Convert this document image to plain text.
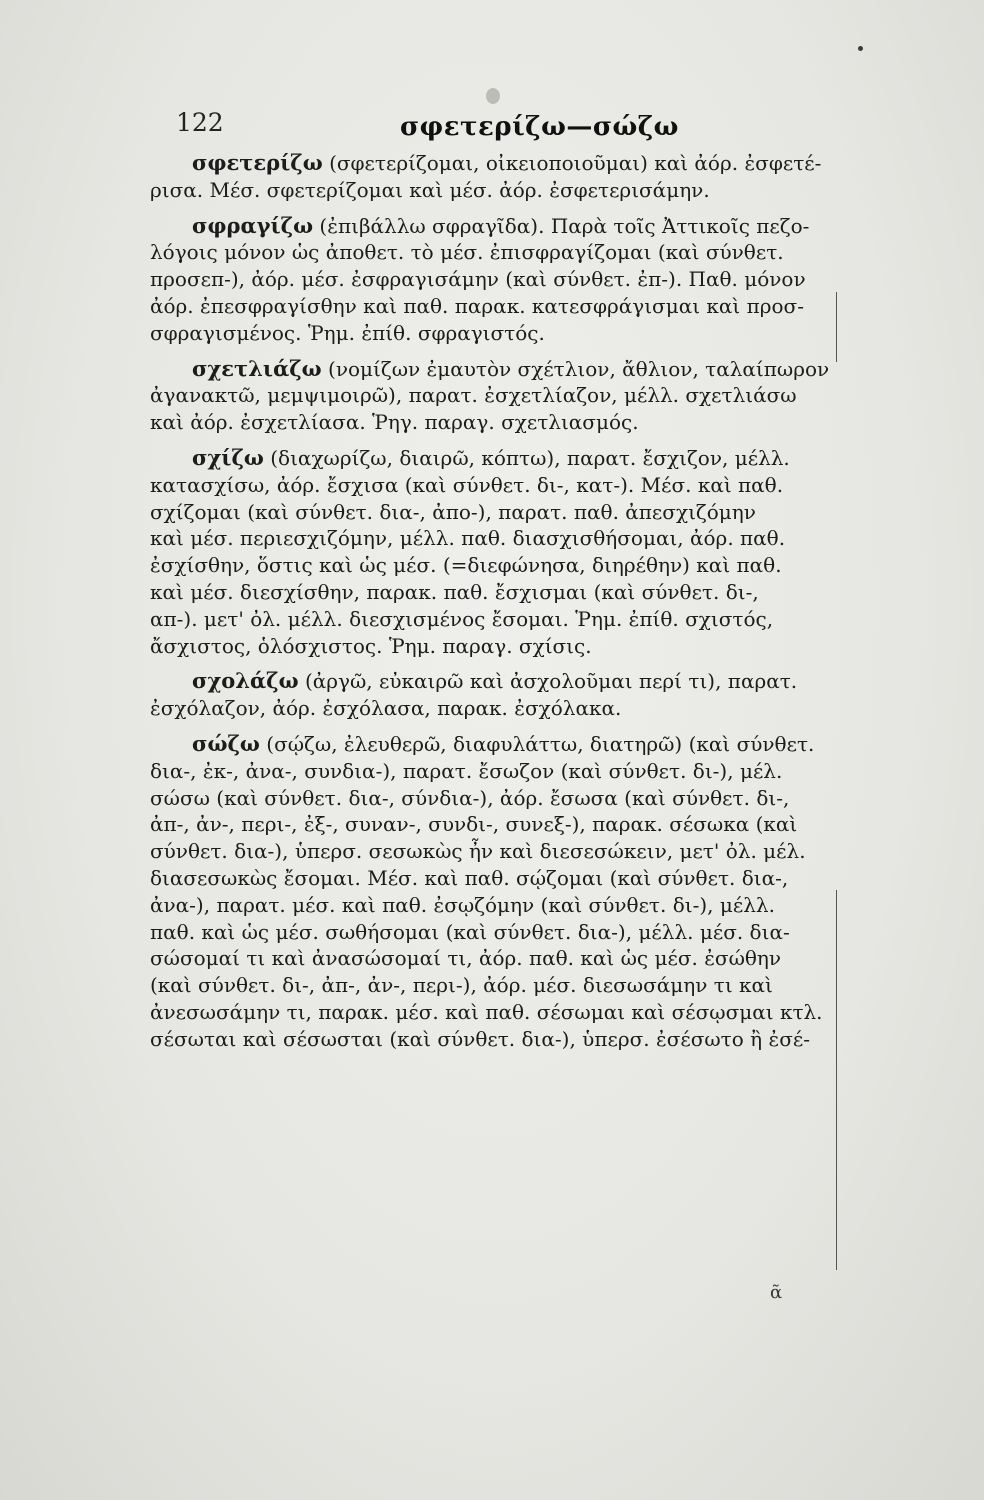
122	σφετερίζω—σώζω
σφετερίζω (σφετερίζομαι, οἰκειοποιοῦμαι) καὶ ἀόρ. ἐσφετέ-
ρισα. Μέσ. σφετερίζομαι καὶ μέσ. ἀόρ. ἐσφετερισάμην.
σφραγίζω (ἐπιβάλλω σφραγῖδα). Παρὰ τοῖς Ἀττικοῖς πεζο-
λόγοις μόνον ὡς ἀποθετ. τὸ μέσ. ἐπισφραγίζομαι (καὶ σύνθετ.
προσεπ-), ἀόρ. μέσ. ἐσφραγισάμην (καὶ σύνθετ. ἐπ-). Παθ. μόνον
ἀόρ. ἐπεσφραγίσθην καὶ παθ. παρακ. κατεσφράγισμαι καὶ προσ-
σφραγισμένος. Ῥημ. ἐπίθ. σφραγιστός.
σχετλιάζω (νομίζων ἐμαυτὸν σχέτλιον, ἄθλιον, ταλαίπωρον
ἀγανακτῶ, μεμψιμοιρῶ), παρατ. ἐσχετλίαζον, μέλλ. σχετλιάσω
καὶ ἀόρ. ἐσχετλίασα. Ῥηγ. παραγ. σχετλιασμός.
σχίζω (διαχωρίζω, διαιρῶ, κόπτω), παρατ. ἔσχιζον, μέλλ.
κατασχίσω, ἀόρ. ἔσχισα (καὶ σύνθετ. δι-, κατ-). Μέσ. καὶ παθ.
σχίζομαι (καὶ σύνθετ. δια-, ἀπο-), παρατ. παθ. ἀπεσχιζόμην
καὶ μέσ. περιεσχιζόμην, μέλλ. παθ. διασχισθήσομαι, ἀόρ. παθ.
ἐσχίσθην, ὅστις καὶ ὡς μέσ. (=διεφώνησα, διηρέθην) καὶ παθ.
καὶ μέσ. διεσχίσθην, παρακ. παθ. ἔσχισμαι (καὶ σύνθετ. δι-,
απ-). μετ' ὀλ. μέλλ. διεσχισμένος ἔσομαι. Ῥημ. ἐπίθ. σχιστός,
ἄσχιστος, ὁλόσχιστος. Ῥημ. παραγ. σχίσις.
σχολάζω (ἀργῶ, εὐκαιρῶ καὶ ἀσχολοῦμαι περί τι), παρατ.
ἐσχόλαζον, ἀόρ. ἐσχόλασα, παρακ. ἐσχόλακα.
σώζω (σῴζω, ἐλευθερῶ, διαφυλάττω, διατηρῶ) (καὶ σύνθετ.
δια-, ἐκ-, ἀνα-, συνδια-), παρατ. ἔσωζον (καὶ σύνθετ. δι-), μέλ.
σώσω (καὶ σύνθετ. δια-, σύνδια-), ἀόρ. ἔσωσα (καὶ σύνθετ. δι-,
ἀπ-, ἀν-, περι-, ἐξ-, συναν-, συνδι-, συνεξ-), παρακ. σέσωκα (καὶ
σύνθετ. δια-), ὑπερσ. σεσωκὼς ἦν καὶ διεσεσώκειν, μετ' ὀλ. μέλ.
διασεσωκὼς ἔσομαι. Μέσ. καὶ παθ. σῴζομαι (καὶ σύνθετ. δια-,
ἀνα-), παρατ. μέσ. καὶ παθ. ἐσῳζόμην (καὶ σύνθετ. δι-), μέλλ.
παθ. καὶ ὡς μέσ. σωθήσομαι (καὶ σύνθετ. δια-), μέλλ. μέσ. δια-
σώσομαί τι καὶ ἀνασώσομαί τι, ἀόρ. παθ. καὶ ὡς μέσ. ἐσώθην
(καὶ σύνθετ. δι-, ἀπ-, ἀν-, περι-), ἀόρ. μέσ. διεσωσάμην τι καὶ
ἀνεσωσάμην τι, παρακ. μέσ. καὶ παθ. σέσωμαι καὶ σέσῳσμαι κτλ.
σέσωται καὶ σέσωσται (καὶ σύνθετ. δια-), ὑπερσ. ἐσέσωτο ἢ ἐσέ-
ᾶ
